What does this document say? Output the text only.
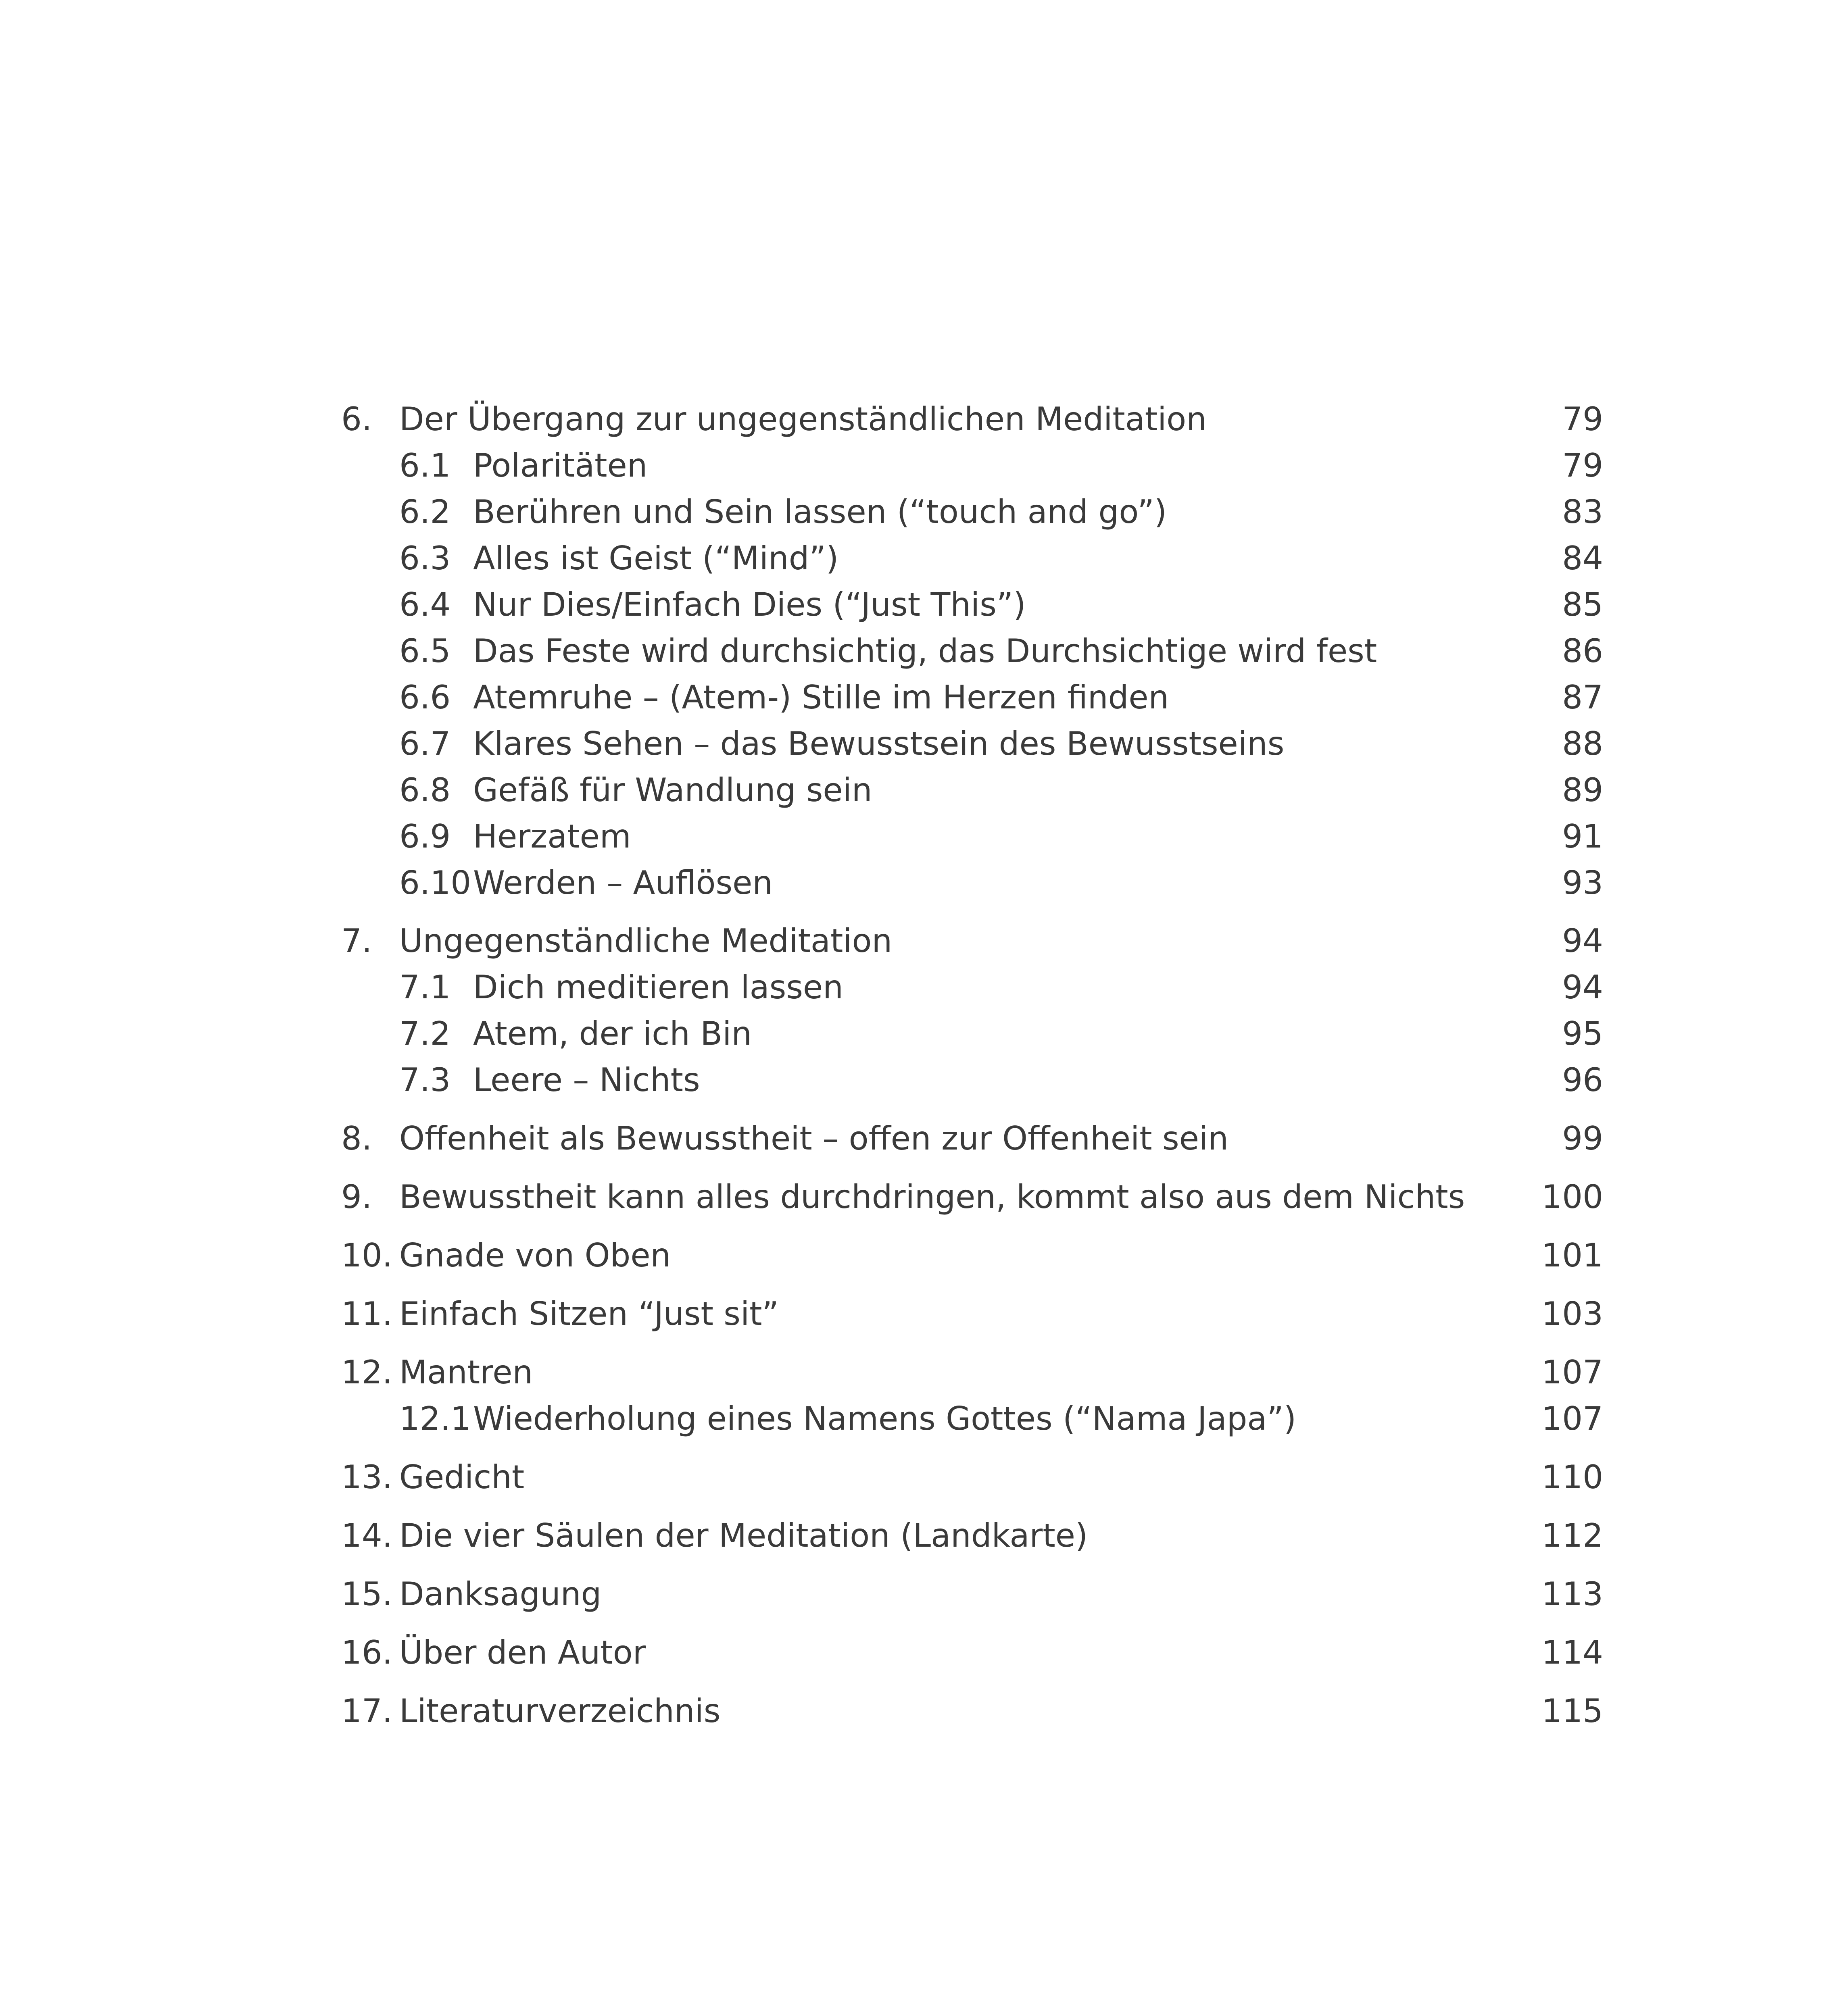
6. Der Übergang zur ungegenständlichen Meditation	79
6.1 Polaritäten	79
6.2 Berühren und Sein lassen (“touch and go”)	83
6.3 Alles ist Geist (“Mind”)	84
6.4 Nur Dies/Einfach Dies (“Just This”)	85
6.5 Das Feste wird durchsichtig, das Durchsichtige wird fest	86
6.6 Atemruhe – (Atem-) Stille im Herzen finden	87
6.7 Klares Sehen – das Bewusstsein des Bewusstseins	88
6.8 Gefäß für Wandlung sein	89
6.9 Herzatem	91
6.10 Werden – Auflösen	93
7. Ungegenständliche Meditation	94
7.1 Dich meditieren lassen	94
7.2 Atem, der ich Bin	95
7.3 Leere – Nichts	96
8. Offenheit als Bewusstheit – offen zur Offenheit sein	99
9. Bewusstheit kann alles durchdringen, kommt also aus dem Nichts 100
10. Gnade von Oben	101
11. Einfach Sitzen “Just sit”	103
12. Mantren	107
12.1 Wiederholung eines Namens Gottes (“Nama Japa”)	107
13. Gedicht	110
14. Die vier Säulen der Meditation (Landkarte)	112
15. Danksagung	113
16. Über den Autor	114
17. Literaturverzeichnis	115
